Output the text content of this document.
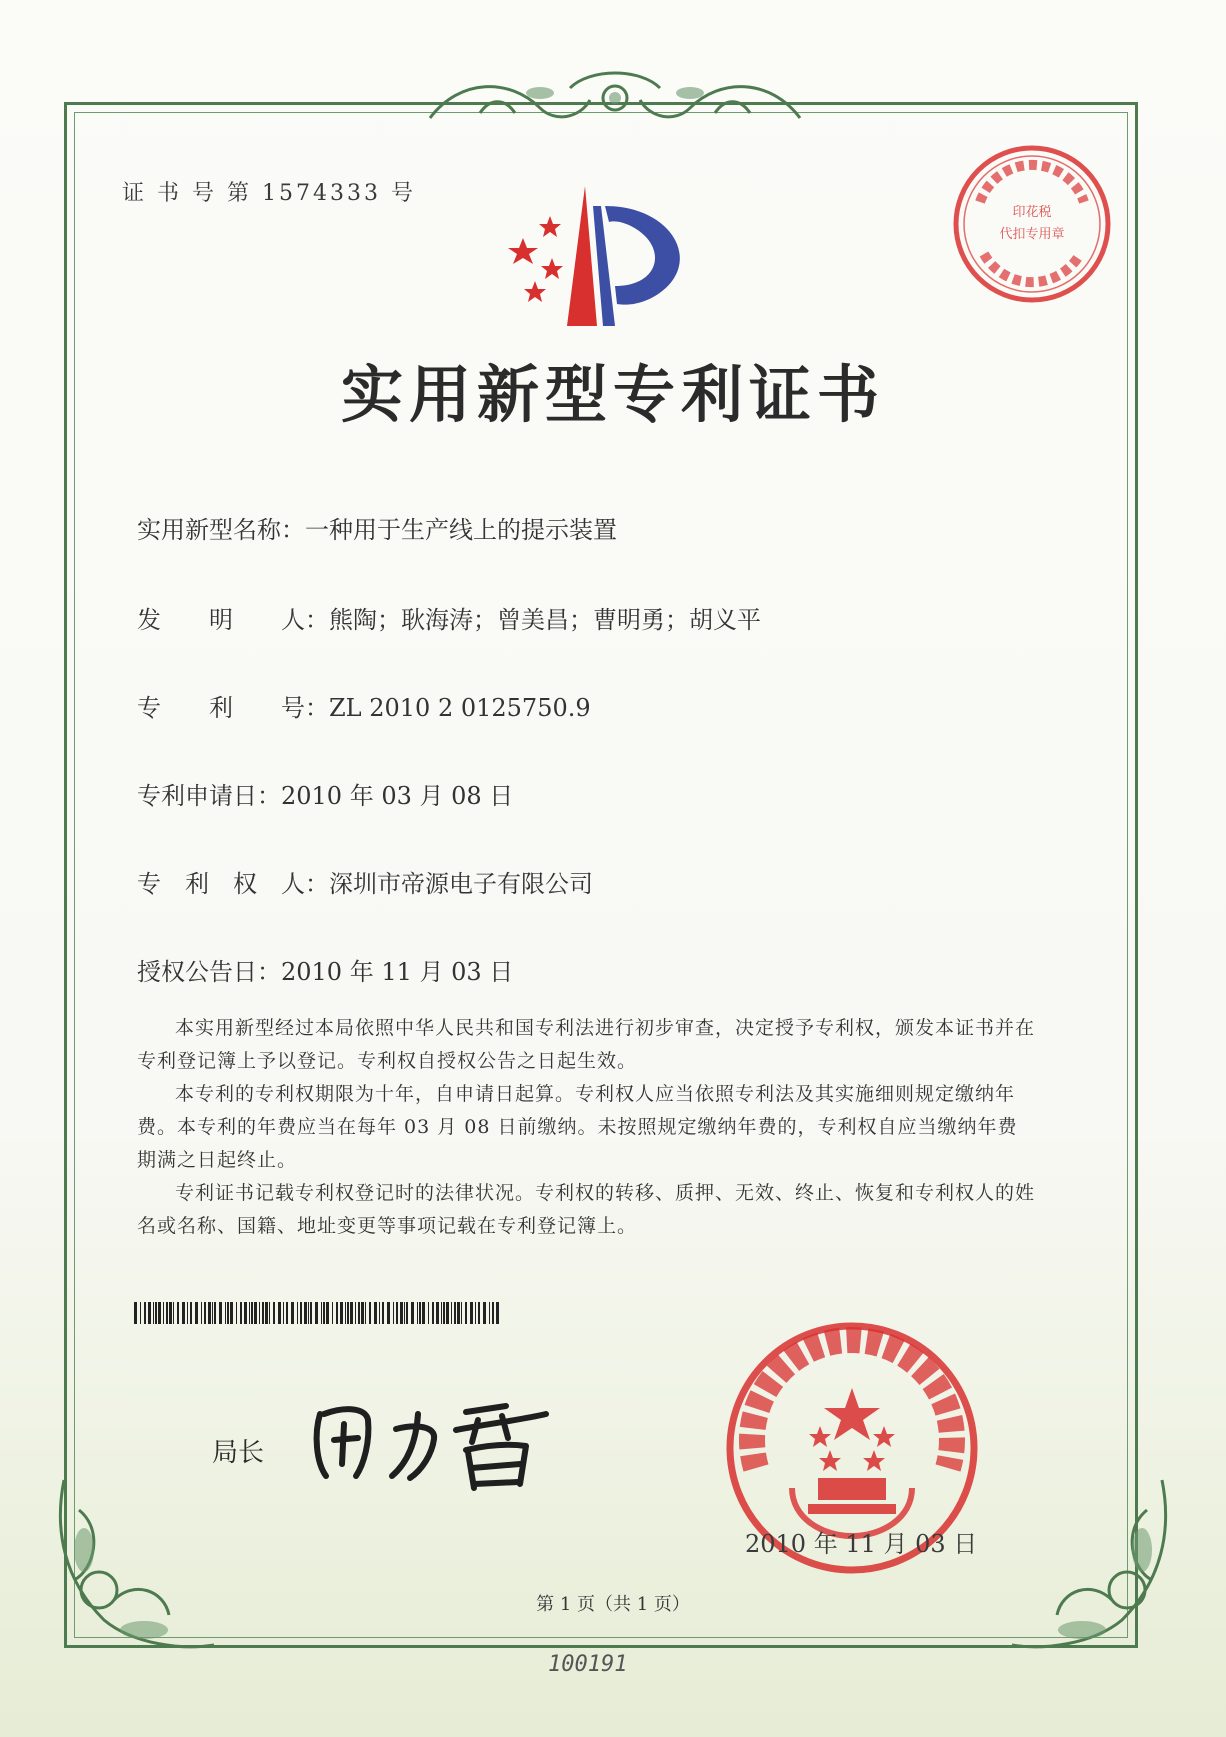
证 书 号 第 1574333 号
印花税
代扣专用章
实用新型专利证书
实用新型名称：一种用于生产线上的提示装置
发　　明　　人：熊陶；耿海涛；曾美昌；曹明勇；胡义平
专　　利　　号：ZL 2010 2 0125750.9
专利申请日：2010 年 03 月 08 日
专　利　权　人：深圳市帝源电子有限公司
授权公告日：2010 年 11 月 03 日

本实用新型经过本局依照中华人民共和国专利法进行初步审查，决定授予专利权，颁发本证书并在专利登记簿上予以登记。专利权自授权公告之日起生效。

本专利的专利权期限为十年，自申请日起算。专利权人应当依照专利法及其实施细则规定缴纳年费。本专利的年费应当在每年 03 月 08 日前缴纳。未按照规定缴纳年费的，专利权自应当缴纳年费期满之日起终止。

专利证书记载专利权登记时的法律状况。专利权的转移、质押、无效、终止、恢复和专利权人的姓名或名称、国籍、地址变更等事项记载在专利登记簿上。

局长
2010 年 11 月 03 日
第 1 页（共 1 页）
100191
